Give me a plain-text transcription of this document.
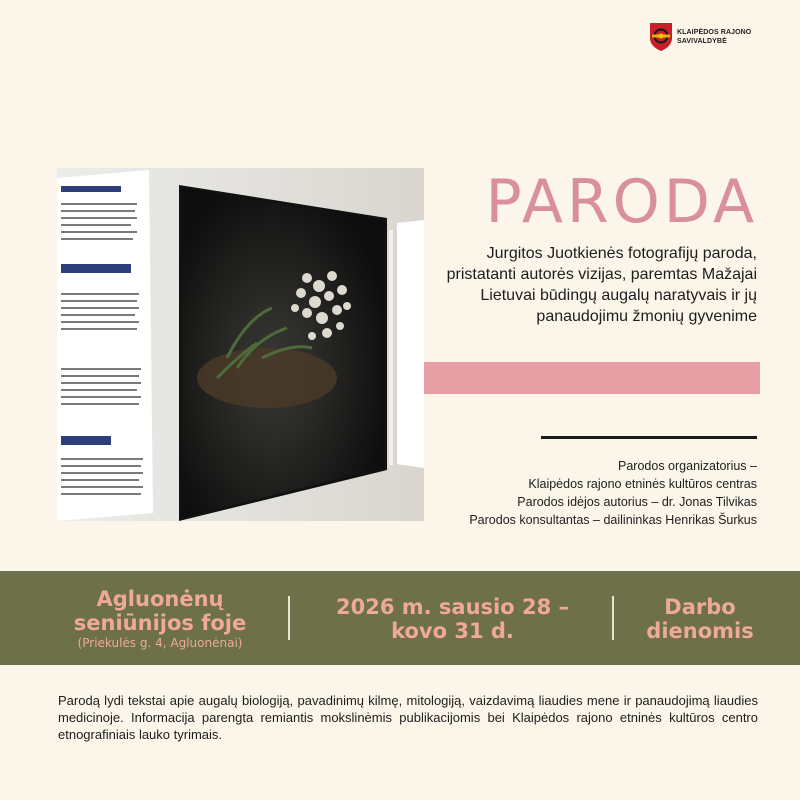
KLAIPĖDOS RAJONO
SAVIVALDYBĖ
PARODA
Jurgitos Juotkienės fotografijų paroda, pristatanti autorės vizijas, paremtas Mažajai Lietuvai būdingų augalų naratyvais ir jų panaudojimu žmonių gyvenime
Parodos organizatorius –
Klaipėdos rajono etninės kultūros centras
Parodos idėjos autorius – dr. Jonas Tilvikas
Parodos konsultantas – dailininkas Henrikas Šurkus
Agluonėnų
seniūnijos foje
(Priekulės g. 4, Agluonėnai)
2026 m. sausio 28 –
kovo 31 d.
Darbo
dienomis
Parodą lydi tekstai apie augalų biologiją, pavadinimų kilmę, mitologiją, vaizdavimą liaudies mene ir panaudojimą liaudies medicinoje. Informacija parengta remiantis mokslinėmis publikacijomis bei Klaipėdos rajono etninės kultūros centro etnografiniais lauko tyrimais.
